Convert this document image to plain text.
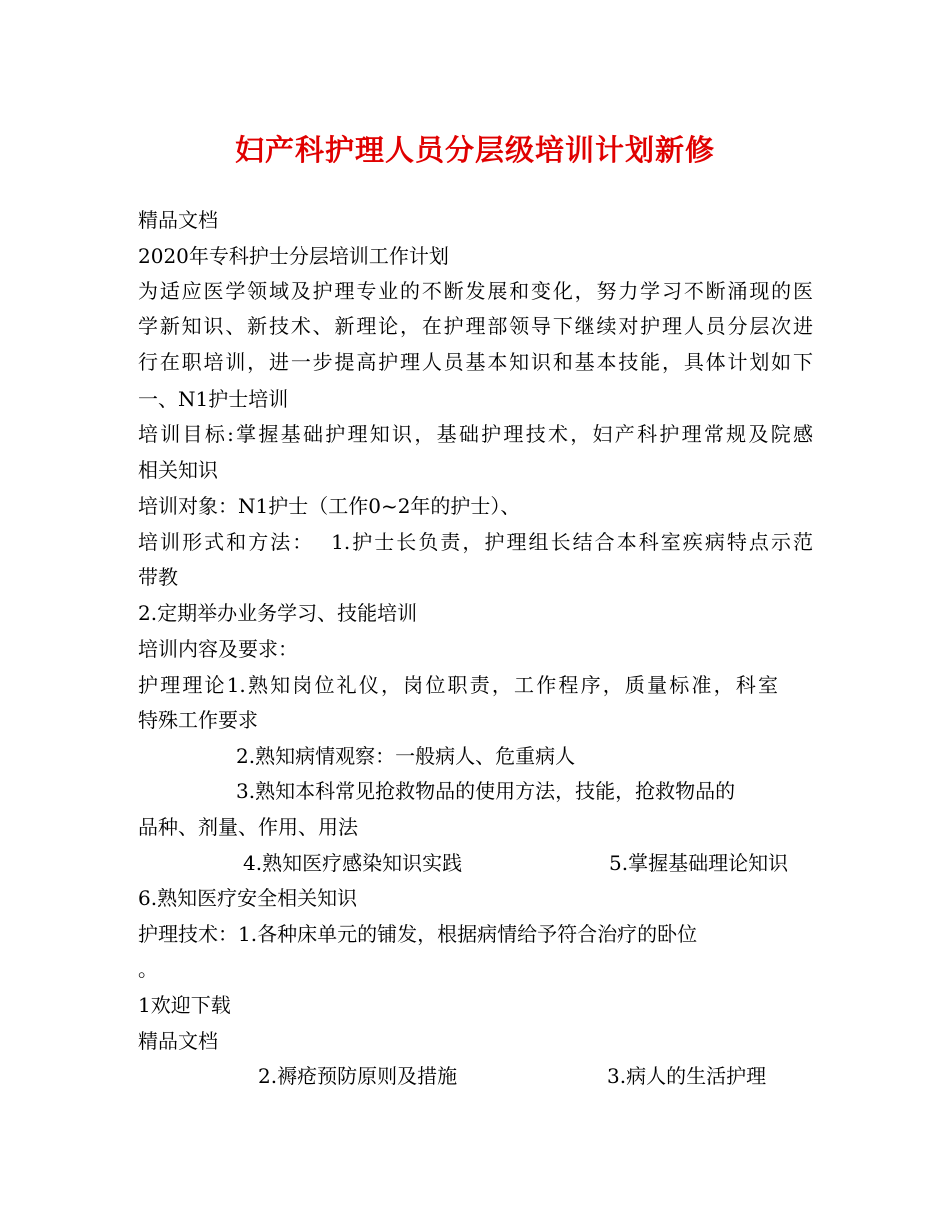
妇产科护理人员分层级培训计划新修
精品文档
2020年专科护士分层培训工作计划
为适应医学领域及护理专业的不断发展和变化，努力学习不断涌现的医
学新知识、新技术、新理论，在护理部领导下继续对护理人员分层次进
行在职培训，进一步提高护理人员基本知识和基本技能，具体计划如下
一、N1护士培训
培训目标:掌握基础护理知识，基础护理技术，妇产科护理常规及院感
相关知识
培训对象：N1护士（工作0~2年的护士）、
培训形式和方法：  1.护士长负责，护理组长结合本科室疾病特点示范
带教
2.定期举办业务学习、技能培训
培训内容及要求：
护理理论1.熟知岗位礼仪，岗位职责，工作程序，质量标准，科室
特殊工作要求
2.熟知病情观察：一般病人、危重病人
3.熟知本科常见抢救物品的使用方法，技能，抢救物品的
品种、剂量、作用、用法
4.熟知医疗感染知识实践	5.掌握基础理论知识
6.熟知医疗安全相关知识
护理技术：1.各种床单元的铺发，根据病情给予符合治疗的卧位
。
1欢迎下载
精品文档
2.褥疮预防原则及措施	3.病人的生活护理
